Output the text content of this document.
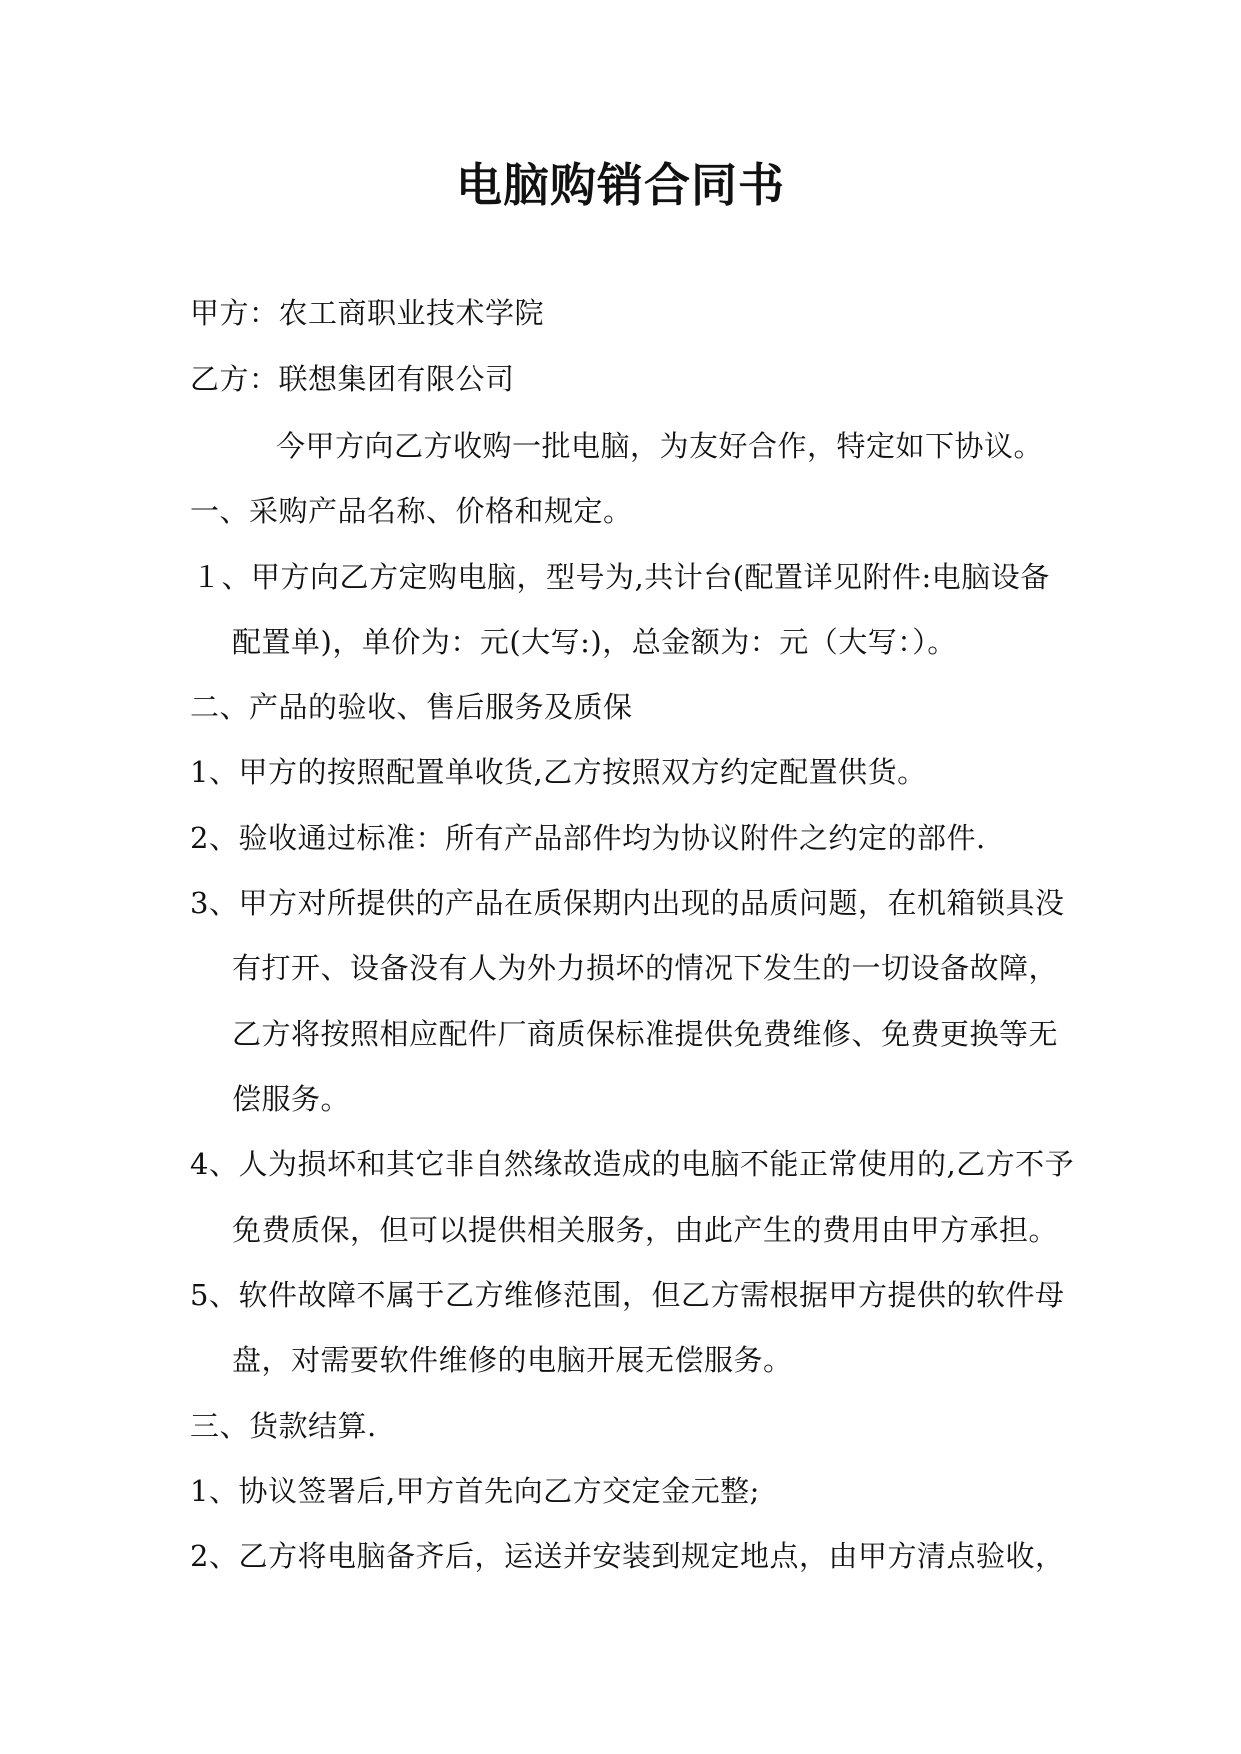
电脑购销合同书
甲方：农工商职业技术学院
乙方：联想集团有限公司
今甲方向乙方收购一批电脑，为友好合作，特定如下协议。
一、采购产品名称、价格和规定。
１、甲方向乙方定购电脑，型号为,共计台(配置详见附件:电脑设备
配置单)，单价为：元(大写:)，总金额为：元（大写：）。
二、产品的验收、售后服务及质保
1、甲方的按照配置单收货,乙方按照双方约定配置供货。
2、验收通过标准：所有产品部件均为协议附件之约定的部件.
3、甲方对所提供的产品在质保期内出现的品质问题，在机箱锁具没
有打开、设备没有人为外力损坏的情况下发生的一切设备故障，
乙方将按照相应配件厂商质保标准提供免费维修、免费更换等无
偿服务。
4、人为损坏和其它非自然缘故造成的电脑不能正常使用的,乙方不予
免费质保，但可以提供相关服务，由此产生的费用由甲方承担。
5、软件故障不属于乙方维修范围，但乙方需根据甲方提供的软件母
盘，对需要软件维修的电脑开展无偿服务。
三、货款结算.
1、协议签署后,甲方首先向乙方交定金元整;
2、乙方将电脑备齐后，运送并安装到规定地点，由甲方清点验收，
